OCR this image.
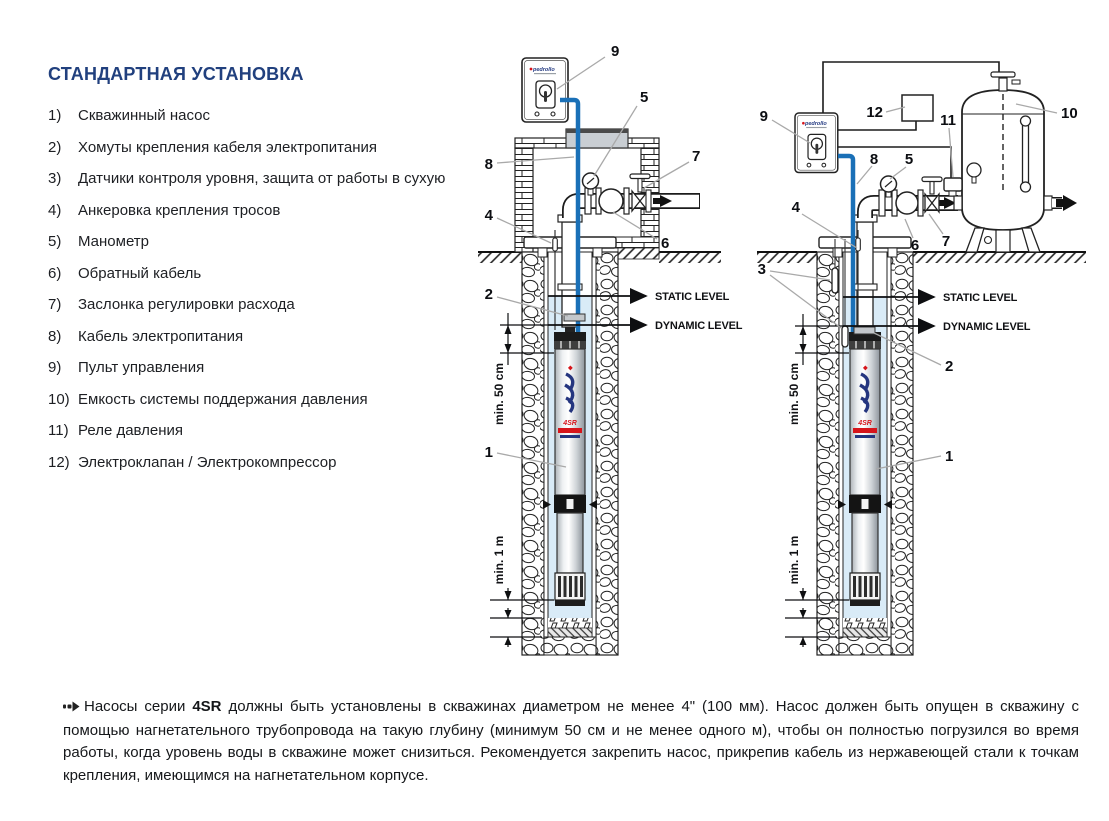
СТАНДАРТНАЯ УСТАНОВКА
1)	Скважинный насос
2)	Хомуты крепления кабеля электропитания
3)	Датчики контроля уровня, защита от работы в сухую
4)	Анкеровка крепления тросов
5)	Манометр
6)	Обратный кабель
7)	Заслонка регулировки расхода
8)	Кабель электропитания
9)	Пульт управления
10) Емкость системы поддержания давления
11) Реле давления
12) Электроклапан / Электрокомпрессор
STATIC LEVEL
DYNAMIC LEVEL
min. 50 cm
min. 1 m
pedrollo
4SR
9
5
7
8
4
6
2
1
STATIC LEVEL
DYNAMIC LEVEL
min. 50 cm
min. 1 m
pedrollo
4SR
9	12	11	10
8 5
4
6 7
3
2
1

Насосы серии 4SR должны быть установлены в скважинах диаметром не менее 4" (100 мм). Насос должен быть опущен в скважину с помощью нагнетательного трубопровода на такую глубину (минимум 50 см и не менее одного м), чтобы он полностью погрузился во время работы, когда уровень воды в скважине может снизиться. Рекомендуется закрепить насос, прикрепив кабель из нержавеющей стали к точкам крепления, имеющимся на нагнетательном корпусе.
